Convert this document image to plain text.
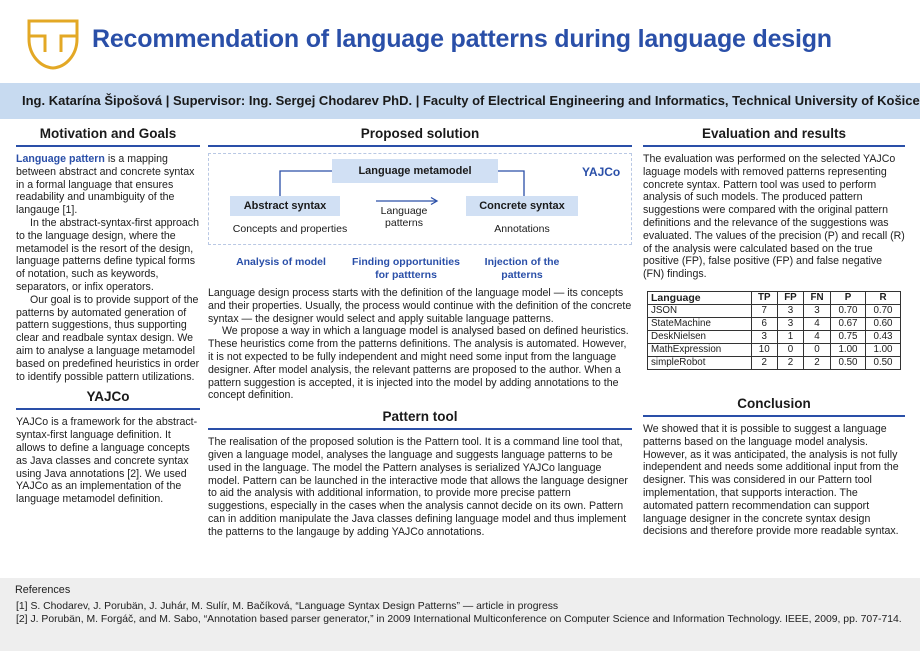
Recommendation of language patterns during language design
Ing. Katarína Šipošová | Supervisor: Ing. Sergej Chodarev PhD. | Faculty of Electrical Engineering and Informatics, Technical University of Košice
Motivation and Goals

Language pattern is a mapping between abstract and concrete syntax in a formal language that ensures readability and unambiguity of the langauge [1].

In the abstract-syntax-first approach to the language design, where the metamodel is the resort of the design, language patterns define typical forms of notation, such as keywords, separators, or infix operators.

Our goal is to provide support of the patterns by automated generation of pattern suggestions, thus supporting clear and readbale syntax design. We aim to analyse a language metamodel based on predefined heuristics in order to identify possible pattern utilizations.

YAJCo
YAJCo is a framework for the abstract-syntax-first language definition. It allows to define a language concepts as Java classes and concrete syntax using Java annotations [2]. We used YAJCo as an implementation of the language metamodel definition.
Proposed solution
Language metamodel	YAJCo
Abstract syntax	Concrete syntax
Language patterns
Concepts and properties	Annotations
Analysis of model	Finding opportunities for pattterns
Injection of the patterns

Language design process starts with the definition of the language model — its concepts and their properties. Usually, the process would continue with the definition of the concrete syntax — the designer would select and apply suitable language patterns.

We propose a way in which a language model is analysed based on defined heuristics. These heuristics come from the patterns definitions. The analysis is automated. However, it is not expected to be fully independent and might need some input from the language designer. After model analysis, the relevant patterns are proposed to the author. When a pattern suggestion is accepted, it is injected into the model by adding annotations to the concept definition.

Pattern tool
The realisation of the proposed solution is the Pattern tool. It is a command line tool that, given a language model, analyses the language and suggests language patterns to be used in the language. The model the Pattern analyses is serialized YAJCo language model. Pattern can be launched in the interactive mode that allows the language designer to aid the analysis with additional information, to provide more precise pattern suggestions, especially in the cases when the analysis cannot decide on its own. Pattern can in addition manipulate the Java classes defining language model and thus implement the patterns to the langauge by adding YAJCo annotations.
Evaluation and results
The evaluation was performed on the selected YAJCo laguage models with removed patterns representing concrete syntax. Pattern tool was used to perform analysis of such models. The produced pattern suggestions were compared with the original pattern definitions and the relevance of the suggestions was evaluated. The values of the precision (P) and recall (R) of the analysis were calculated based on the true positive (FP), false positive (FP) and false negative (FN) findings.
Language	TP	FP	FN	P	R
JSON	7	3	3	0.70	0.70
StateMachine	6	3	4	0.67	0.60
DeskNielsen	3	1	4	0.75	0.43
MathExpression	10	0	0	1.00	1.00
simpleRobot	2	2	2	0.50	0.50
Conclusion
We showed that it is possible to suggest a language patterns based on the language model analysis. However, as it was anticipated, the analysis is not fully independent and needs some additional input from the designer. This was considered in our Pattern tool implementation, that supports interaction. The automated pattern recommendation can support language designer in the concrete syntax design decisions and therefore provide more readable syntax.
References
[1] S. Chodarev, J. Porubän, J. Juhár, M. Sulír, M. Bačíková, “Language Syntax Design Patterns” — article in progress
[2] J. Porubän, M. Forgáč, and M. Sabo, “Annotation based parser generator,” in 2009 International Multiconference on Computer Science and Information Technology. IEEE, 2009, pp. 707-714.
